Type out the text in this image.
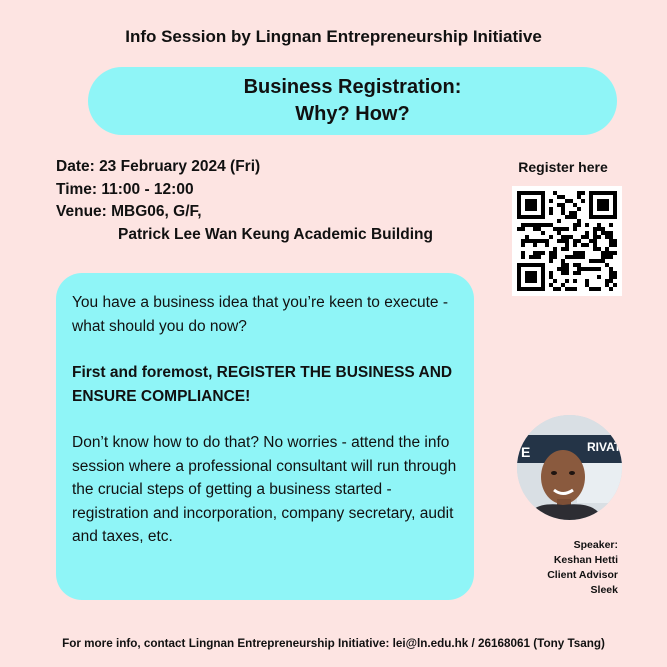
Info Session by Lingnan Entrepreneurship Initiative
Business Registration:
Why? How?
Date: 23 February 2024 (Fri)
Time: 11:00 - 12:00
Venue: MBG06, G/F,
Patrick Lee Wan Keung Academic Building
Register here

You have a business idea that you’re keen to execute - what should you do now?

First and foremost, REGISTER THE BUSINESS AND ENSURE COMPLIANCE!

Don’t know how to do that? No worries - attend the info session where a professional consultant will run through the crucial steps of getting a business started - registration and incorporation, company secretary, audit and taxes, etc.

E	RIVAT
Speaker:
Keshan Hetti
Client Advisor
Sleek
For more info, contact Lingnan Entrepreneurship Initiative: lei@ln.edu.hk / 26168061 (Tony Tsang)
